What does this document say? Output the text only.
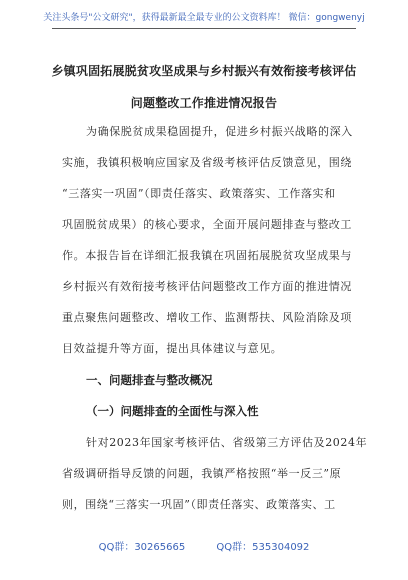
关注头条号"公文研究"，获得最新最全最专业的公文资料库！ 微信：gongwenyj
乡镇巩固拓展脱贫攻坚成果与乡村振兴有效衔接考核评估
问题整改工作推进情况报告
为确保脱贫成果稳固提升，促进乡村振兴战略的深入
实施，我镇积极响应国家及省级考核评估反馈意见，围绕
“三落实一巩固”（即责任落实、政策落实、工作落实和
巩固脱贫成果）的核心要求，全面开展问题排查与整改工
作。本报告旨在详细汇报我镇在巩固拓展脱贫攻坚成果与
乡村振兴有效衔接考核评估问题整改工作方面的推进情况
重点聚焦问题整改、增收工作、监测帮扶、风险消除及项
目效益提升等方面，提出具体建议与意见。
一、问题排查与整改概况
（一）问题排查的全面性与深入性
针对2023年国家考核评估、省级第三方评估及2024年
省级调研指导反馈的问题，我镇严格按照“举一反三”原
则，围绕“三落实一巩固”（即责任落实、政策落实、工
QQ群：30265665	QQ群：535304092
